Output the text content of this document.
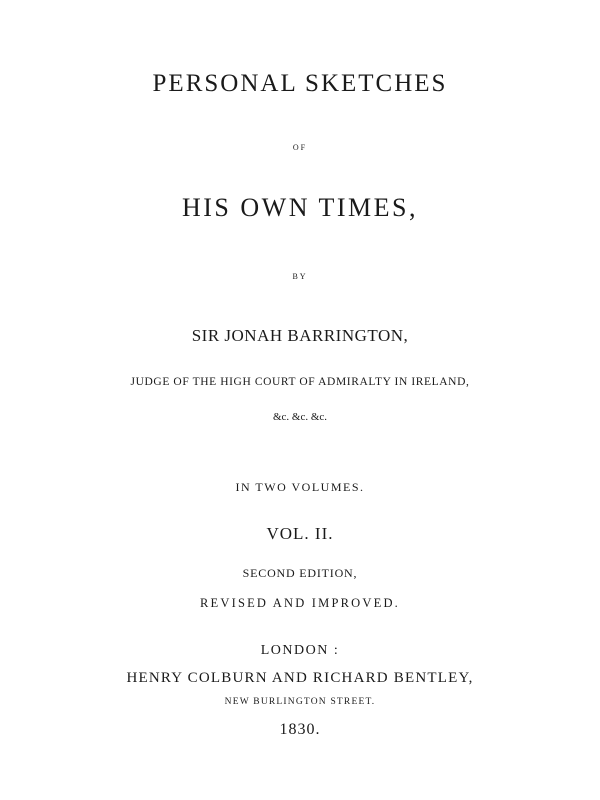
PERSONAL SKETCHES
OF
HIS OWN TIMES,
BY
SIR JONAH BARRINGTON,
JUDGE OF THE HIGH COURT OF ADMIRALTY IN IRELAND,
&c. &c. &c.
IN TWO VOLUMES.
VOL. II.
SECOND EDITION,
REVISED AND IMPROVED.
LONDON :
HENRY COLBURN AND RICHARD BENTLEY,
NEW BURLINGTON STREET.
1830.
